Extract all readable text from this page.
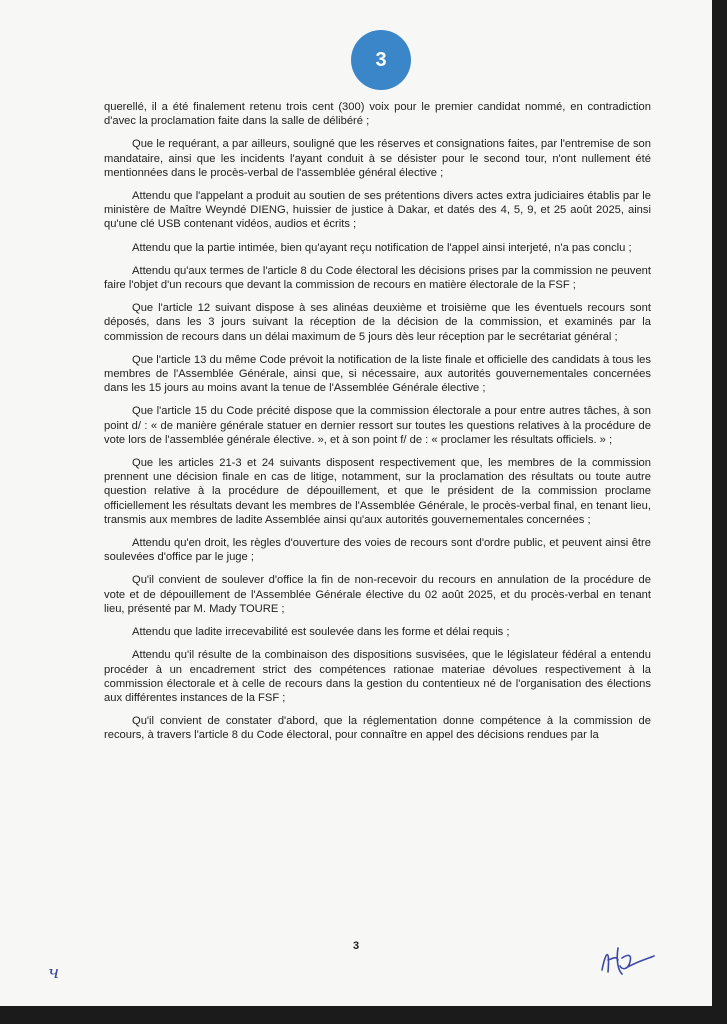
3

querellé, il a été finalement retenu trois cent (300) voix pour le premier candidat nommé, en contradiction d'avec la proclamation faite dans la salle de délibéré ;

Que le requérant, a par ailleurs, souligné que les réserves et consignations faites, par l'entremise de son mandataire, ainsi que les incidents l'ayant conduit à se désister pour le second tour, n'ont nullement été mentionnées dans le procès-verbal de l'assemblée général élective ;

Attendu que l'appelant a produit au soutien de ses prétentions divers actes extra judiciaires établis par le ministère de Maître Weyndé DIENG, huissier de justice à Dakar, et datés des 4, 5, 9, et 25 août 2025, ainsi qu'une clé USB contenant vidéos, audios et écrits ;

Attendu que la partie intimée, bien qu'ayant reçu notification de l'appel ainsi interjeté, n'a pas conclu ;

Attendu qu'aux termes de l'article 8 du Code électoral les décisions prises par la commission ne peuvent faire l'objet d'un recours que devant la commission de recours en matière électorale de la FSF ;

Que l'article 12 suivant dispose à ses alinéas deuxième et troisième que les éventuels recours sont déposés, dans les 3 jours suivant la réception de la décision de la commission, et examinés par la commission de recours dans un délai maximum de 5 jours dès leur réception par le secrétariat général ;

Que l'article 13 du même Code prévoit la notification de la liste finale et officielle des candidats à tous les membres de l'Assemblée Générale, ainsi que, si nécessaire, aux autorités gouvernementales concernées dans les 15 jours au moins avant la tenue de l'Assemblée Générale élective ;

Que l'article 15 du Code précité dispose que la commission électorale a pour entre autres tâches, à son point d/ : « de manière générale statuer en dernier ressort sur toutes les questions relatives à la procédure de vote lors de l'assemblée générale élective. », et à son point f/ de : « proclamer les résultats officiels. » ;

Que les articles 21-3 et 24 suivants disposent respectivement que, les membres de la commission prennent une décision finale en cas de litige, notamment, sur la proclamation des résultats ou toute autre question relative à la procédure de dépouillement, et que le président de la commission proclame officiellement les résultats devant les membres de l'Assemblée Générale, le procès-verbal final, en tenant lieu, transmis aux membres de ladite Assemblée ainsi qu'aux autorités gouvernementales concernées ;

Attendu qu'en droit, les règles d'ouverture des voies de recours sont d'ordre public, et peuvent ainsi être soulevées d'office par le juge ;

Qu'il convient de soulever d'office la fin de non-recevoir du recours en annulation de la procédure de vote et de dépouillement de l'Assemblée Générale élective du 02 août 2025, et du procès-verbal en tenant lieu, présenté par M. Mady TOURE ;

Attendu que ladite irrecevabilité est soulevée dans les forme et délai requis ;

Attendu qu'il résulte de la combinaison des dispositions susvisées, que le législateur fédéral a entendu procéder à un encadrement strict des compétences rationae materiae dévolues respectivement à la commission électorale et à celle de recours dans la gestion du contentieux né de l'organisation des élections aux différentes instances de la FSF ;

Qu'il convient de constater d'abord, que la réglementation donne compétence à la commission de recours, à travers l'article 8 du Code électoral, pour connaître en appel des décisions rendues par la

3
ч
